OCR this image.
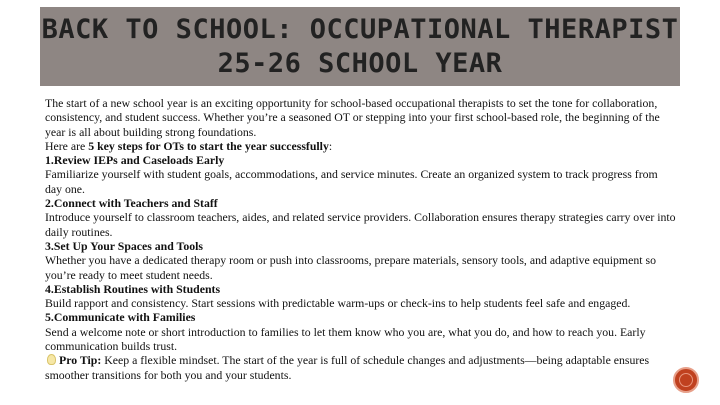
BACK TO SCHOOL: OCCUPATIONAL THERAPIST
25-26 SCHOOL YEAR

The start of a new school year is an exciting opportunity for school-based occupational therapists to set the tone for collaboration, consistency, and student success. Whether you’re a seasoned OT or stepping into your first school-based role, the beginning of the year is all about building strong foundations.

Here are 5 key steps for OTs to start the year successfully:

1.Review IEPs and Caseloads Early

Familiarize yourself with student goals, accommodations, and service minutes. Create an organized system to track progress from day one.

2.Connect with Teachers and Staff

Introduce yourself to classroom teachers, aides, and related service providers. Collaboration ensures therapy strategies carry over into daily routines.

3.Set Up Your Spaces and Tools

Whether you have a dedicated therapy room or push into classrooms, prepare materials, sensory tools, and adaptive equipment so you’re ready to meet student needs.

4.Establish Routines with Students

Build rapport and consistency. Start sessions with predictable warm-ups or check-ins to help students feel safe and engaged.

5.Communicate with Families

Send a welcome note or short introduction to families to let them know who you are, what you do, and how to reach you. Early communication builds trust.

Pro Tip: Keep a flexible mindset. The start of the year is full of schedule changes and adjustments—being adaptable ensures smoother transitions for both you and your students.
